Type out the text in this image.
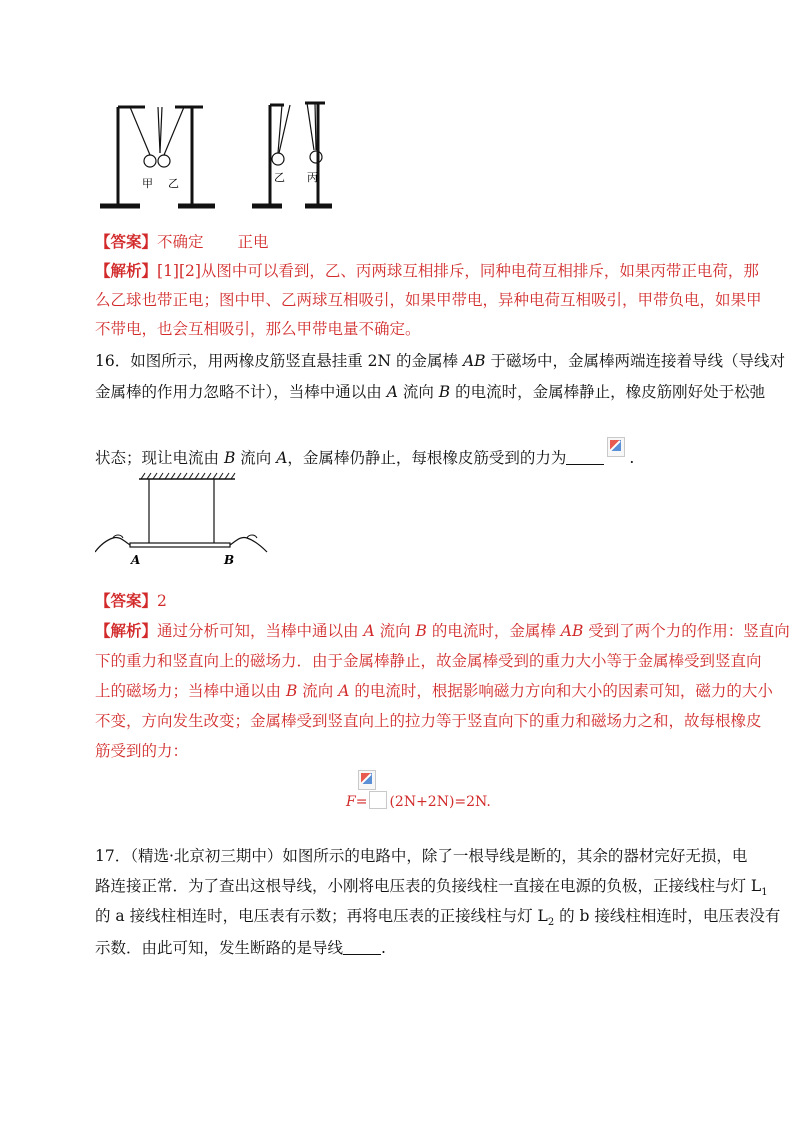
甲 乙	乙 丙
【答案】不确定 正电
【解析】[1][2]从图中可以看到，乙、丙两球互相排斥，同种电荷互相排斥，如果丙带正电荷，那
么乙球也带正电；图中甲、乙两球互相吸引，如果甲带电，异种电荷互相吸引，甲带负电，如果甲
不带电，也会互相吸引，那么甲带电量不确定。
16．如图所示，用两橡皮筋竖直悬挂重 2N 的金属棒 AB 于磁场中，金属棒两端连接着导线（导线对
金属棒的作用力忽略不计），当棒中通以由 A 流向 B 的电流时，金属棒静止，橡皮筋刚好处于松弛
状态；现让电流由 B 流向 A，金属棒仍静止，每根橡皮筋受到的力为	.
A	B
【答案】2
【解析】通过分析可知，当棒中通以由 A 流向 B 的电流时，金属棒 AB 受到了两个力的作用：竖直向
下的重力和竖直向上的磁场力．由于金属棒静止，故金属棒受到的重力大小等于金属棒受到竖直向
上的磁场力；当棒中通以由 B 流向 A 的电流时，根据影响磁力方向和大小的因素可知，磁力的大小
不变，方向发生改变；金属棒受到竖直向上的拉力等于竖直向下的重力和磁场力之和，故每根橡皮
筋受到的力：
F= (2N+2N)=2N.
17．（精选·北京初三期中）如图所示的电路中，除了一根导线是断的，其余的器材完好无损，电
路连接正常．为了查出这根导线，小刚将电压表的负接线柱一直接在电源的负极，正接线柱与灯 $L_1$
的 a 接线柱相连时，电压表有示数；再将电压表的正接线柱与灯 $L_2$ 的 b 接线柱相连时，电压表没有
示数．由此可知，发生断路的是导线 .
